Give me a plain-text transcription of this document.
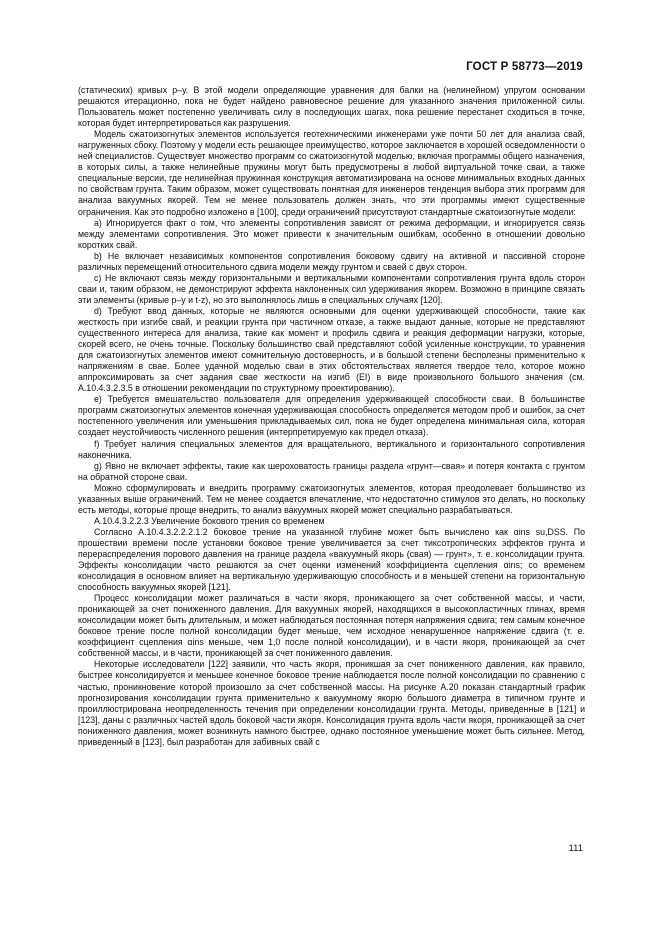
ГОСТ Р 58773—2019

(статических) кривых p–y. В этой модели определяющие уравнения для балки на (нелинейном) упругом основании решаются итерационно, пока не будет найдено равновесное решение для указанного значения приложенной силы. Пользователь может постепенно увеличивать силу в последующих шагах, пока решение перестанет сходиться в точке, которая будет интерпретироваться как разрушения.

Модель сжатоизогнутых элементов используется геотехническими инженерами уже почти 50 лет для анализа свай, нагруженных сбоку. Поэтому у модели есть решающее преимущество, которое заключается в хорошей осведомленности о ней специалистов. Существует множество программ со сжатоизогнутой моделью, включая программы общего назначения, в которых силы, а также нелинейные пружины могут быть предусмотрены в любой виртуальной точке сваи, а также специальные версии, где нелинейная пружинная конструкция автоматизирована на основе минимальных входных данных по свойствам грунта. Таким образом, может существовать понятная для инженеров тенденция выбора этих программ для анализа вакуумных якорей. Тем не менее пользователь должен знать, что эти программы имеют существенные ограничения. Как это подробно изложено в [100], среди ограничений присутствуют стандартные сжатоизогнутые модели:

a) Игнорируется факт о том, что элементы сопротивления зависят от режима деформации, и игнорируется связь между элементами сопротивления. Это может привести к значительным ошибкам, особенно в отношении довольно коротких свай.

b) Не включает независимых компонентов сопротивления боковому сдвигу на активной и пассивной стороне различных перемещений относительного сдвига модели между грунтом и сваей с двух сторон.

c) Не включают связь между горизонтальными и вертикальными компонентами сопротивления грунта вдоль сторон сваи и, таким образом, не демонстрируют эффекта наклоненных сил удерживания якорем. Возможно в принципе связать эти элементы (кривые p–y и t-z), но это выполнялось лишь в специальных случаях [120].

d) Требуют ввод данных, которые не являются основными для оценки удерживающей способности, такие как жесткость при изгибе свай, и реакции грунта при частичном отказе, а также выдают данные, которые не представляют существенного интереса для анализа, такие как момент и профиль сдвига и реакция деформации нагрузки, которые, скорей всего, не очень точные. Поскольку большинство свай представляют собой усиленные конструкции, то уравнения для сжатоизогнутых элементов имеют сомнительную достоверность, и в большой степени бесполезны применительно к напряжениям в свае. Более удачной моделью сваи в этих обстоятельствах является твердое тело, которое можно аппроксимировать за счет задания свае жесткости на изгиб (EI) в виде произвольного большого значения (см. А.10.4.3.2.3.5 в отношении рекомендации по структурному проектированию).

e) Требуется вмешательство пользователя для определения удерживающей способности сваи. В большинстве программ сжатоизогнутых элементов конечная удерживающая способность определяется методом проб и ошибок, за счет постепенного увеличения или уменьшения прикладываемых сил, пока не будет определена минимальная сила, которая создает неустойчивость численного решения (интерпретируемую как предел отказа).

f) Требует наличия специальных элементов для вращательного, вертикального и горизонтального сопротивления наконечника.

g) Явно не включает эффекты, такие как шероховатость границы раздела «грунт—свая» и потеря контакта с грунтом на обратной стороне сваи.

Можно сформулировать и внедрить программу сжатоизогнутых элементов, которая преодолевает большинство из указанных выше ограничений. Тем не менее создается впечатление, что недостаточно стимулов это делать, но поскольку есть методы, которые проще внедрить, то анализ вакуумных якорей может специально разрабатываться.

А.10.4.3.2.2.3 Увеличение бокового трения со временем

Согласно А.10.4.3.2.2.2.1.2 боковое трение на указанной глубине может быть вычислено как αins su,DSS. По прошествии времени после установки боковое трение увеличивается за счет тиксотропических эффектов грунта и перераспределения порового давления на границе раздела «вакуумный якорь (свая) — грунт», т. е. консолидации грунта. Эффекты консолидации часто решаются за счет оценки изменений коэффициента сцепления αins; со временем консолидация в основном влияет на вертикальную удерживающую способность и в меньшей степени на горизонтальную способность вакуумных якорей [121].

Процесс консолидации может различаться в части якоря, проникающего за счет собственной массы, и части, проникающей за счет пониженного давления. Для вакуумных якорей, находящихся в высокопластичных глинах, время консолидации может быть длительным, и может наблюдаться постоянная потеря напряжения сдвига; тем самым конечное боковое трение после полной консолидации будет меньше, чем исходное ненарушенное напряжение сдвига (т. е. коэффициент сцепления αins меньше, чем 1,0 после полной консолидации), и в части якоря, проникающей за счет собственной массы, и в части, проникающей за счет пониженного давления.

Некоторые исследователи [122] заявили, что часть якоря, проникшая за счет пониженного давления, как правило, быстрее консолидируется и меньшее конечное боковое трение наблюдается после полной консолидации по сравнению с частью, проникновение которой произошло за счет собственной массы. На рисунке А.20 показан стандартный график прогнозирования консолидации грунта применительно к вакуумному якорю большого диаметра в типичном грунте и проиллюстрирована неопределенность течения при определении консолидации грунта. Методы, приведенные в [121] и [123], даны с различных частей вдоль боковой части якоря. Консолидация грунта вдоль части якоря, проникающей за счет пониженного давления, может возникнуть намного быстрее, однако постоянное уменьшение может быть сильнее. Метод, приведенный в [123], был разработан для забивных свай с

111
